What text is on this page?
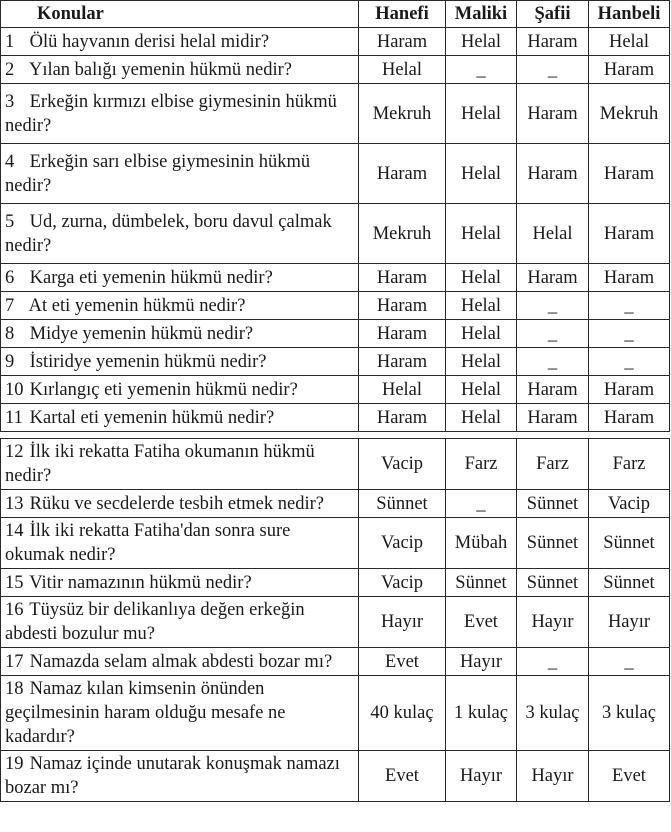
Konular	Hanefi	Maliki	Şafii	Hanbeli
1 Ölü hayvanın derisi helal midir?	Haram	Helal	Haram	Helal
2 Yılan balığı yemenin hükmü nedir?	Helal	_	_	Haram
3 Erkeğin kırmızı elbise giymesinin hükmü nedir?	Mekruh	Helal	Haram	Mekruh
4 Erkeğin sarı elbise giymesinin hükmü nedir?	Haram	Helal	Haram	Haram
5 Ud, zurna, dümbelek, boru davul çalmak nedir?	Mekruh	Helal	Helal	Haram
6 Karga eti yemenin hükmü nedir?	Haram	Helal	Haram	Haram
7 At eti yemenin hükmü nedir?	Haram	Helal	_	_
8 Midye yemenin hükmü nedir?	Haram	Helal	_	_
9 İstiridye yemenin hükmü nedir?	Haram	Helal	_	_
10 Kırlangıç eti yemenin hükmü nedir?	Helal	Helal	Haram	Haram
11 Kartal eti yemenin hükmü nedir?	Haram	Helal	Haram	Haram

12 İlk iki rekatta Fatiha okumanın hükmü nedir?	Vacip	Farz	Farz	Farz
13 Rüku ve secdelerde tesbih etmek nedir?	Sünnet	_	Sünnet	Vacip
14 İlk iki rekatta Fatiha'dan sonra sure okumak nedir?	Vacip	Mübah	Sünnet	Sünnet
15 Vitir namazının hükmü nedir?	Vacip	Sünnet	Sünnet	Sünnet
16 Tüysüz bir delikanlıya değen erkeğin abdesti bozulur mu?	Hayır	Evet	Hayır	Hayır
17 Namazda selam almak abdesti bozar mı?	Evet	Hayır	_	_
18 Namaz kılan kimsenin önünden geçilmesinin haram olduğu mesafe ne kadardır?	40 kulaç	1 kulaç	3 kulaç	3 kulaç
19 Namaz içinde unutarak konuşmak namazı bozar mı?	Evet	Hayır	Hayır	Evet
